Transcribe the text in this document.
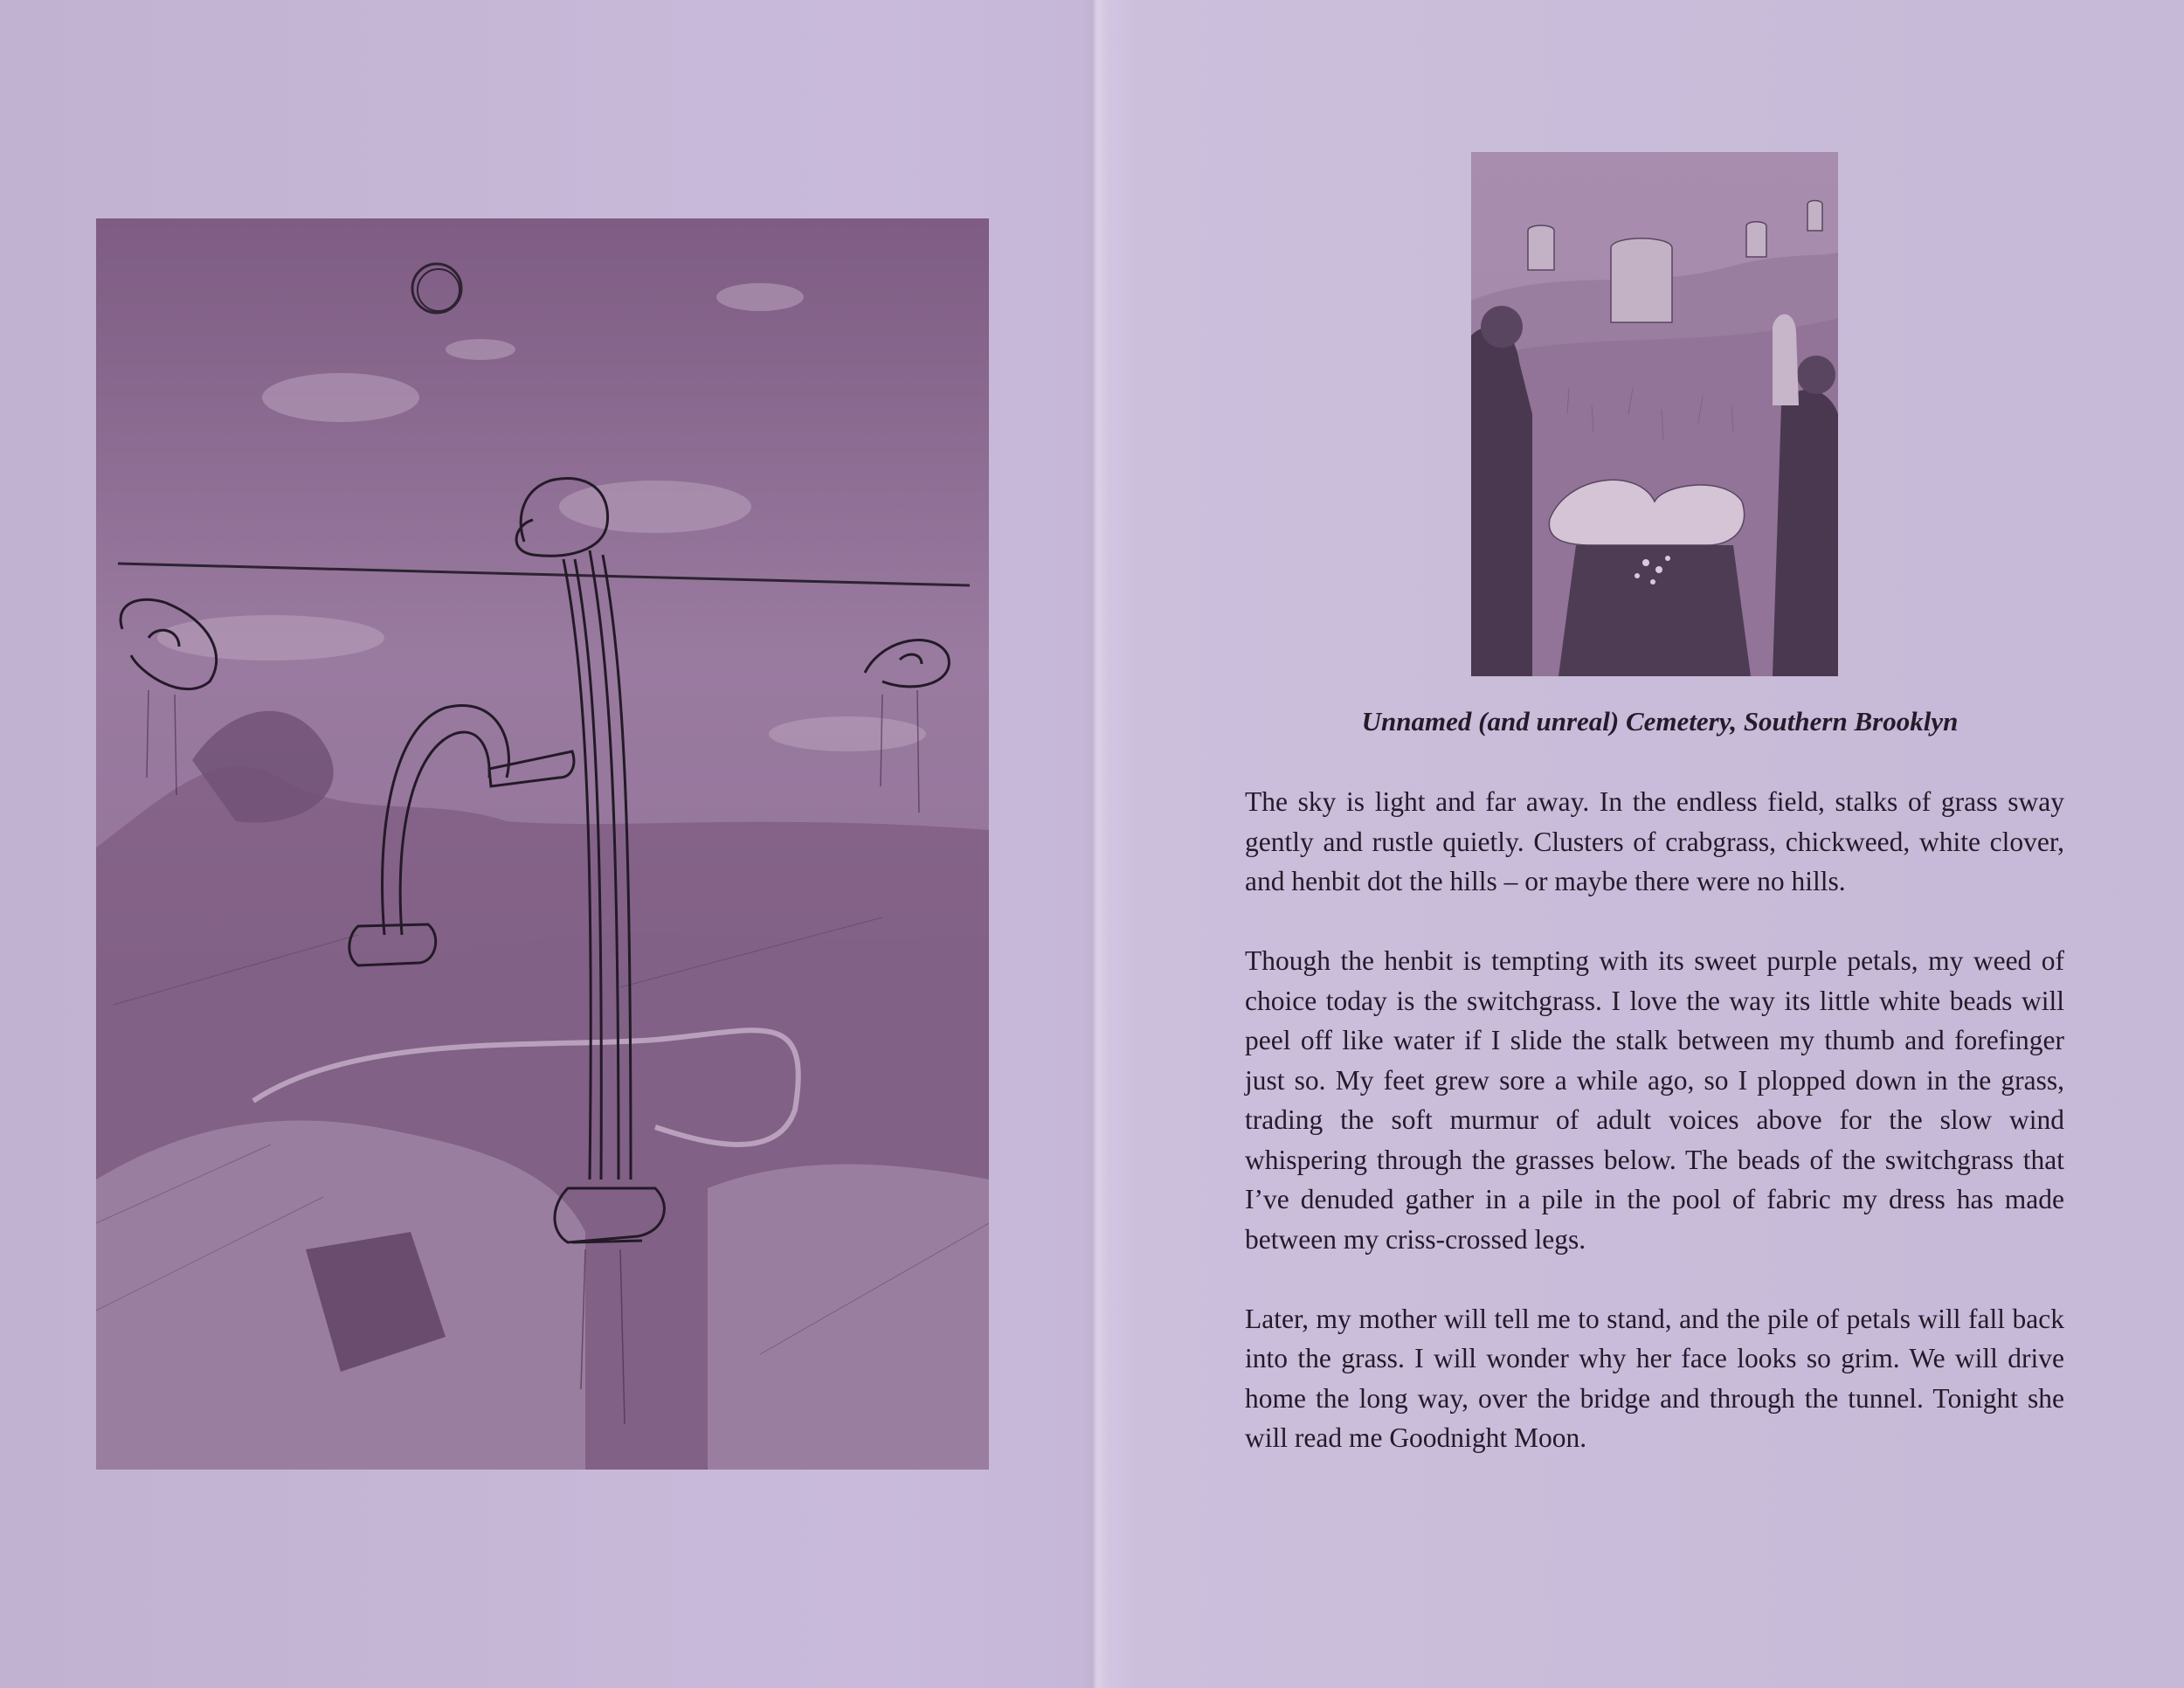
Unnamed (and unreal) Cemetery, Southern Brooklyn

The sky is light and far away. In the endless field, stalks of grass sway gently and rustle quietly. Clusters of crabgrass, chickweed, white clover, and henbit dot the hills – or maybe there were no hills.

Though the henbit is tempting with its sweet purple petals, my weed of choice today is the switchgrass. I love the way its little white beads will peel off like water if I slide the stalk between my thumb and forefinger just so. My feet grew sore a while ago, so I plopped down in the grass, trading the soft murmur of adult voices above for the slow wind whispering through the grasses below. The beads of the switchgrass that I’ve denuded gather in a pile in the pool of fabric my dress has made between my criss-crossed legs.

Later, my mother will tell me to stand, and the pile of petals will fall back into the grass. I will wonder why her face looks so grim. We will drive home the long way, over the bridge and through the tunnel. Tonight she will read me Goodnight Moon.
